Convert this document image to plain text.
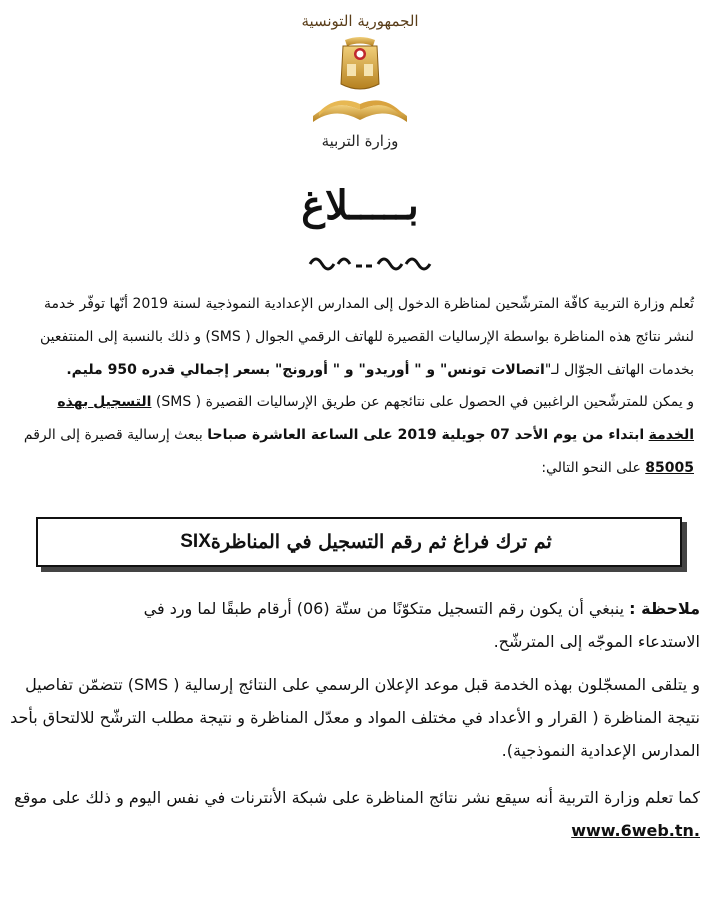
الجمهورية التونسية
وزارة التربية
بـــــلاغ
تُعلم وزارة التربية كافّة المترشّحين لمناظرة الدخول إلى المدارس الإعدادية النموذجية لسنة 2019 أنّها توفّر خدمة
لنشر نتائج هذه المناظرة بواسطة الإرساليات القصيرة للهاتف الرقمي الجوال ( SMS) و ذلك بالنسبة إلى المنتفعين
بخدمات الهاتف الجوّال لـ"اتصالات تونس" و " أوريدو" و " أورونج" بسعر إجمالي قدره 950 مليم.
و يمكن للمترشّحين الراغبين في الحصول على نتائجهم عن طريق الإرساليات القصيرة ( SMS) التسجيل بهذه
الخدمة ابتداء من يوم الأحد 07 جويلية 2019 على الساعة العاشرة صباحا ببعث إرسالية قصيرة إلى الرقم
85005 على النحو التالي:
ثم ترك فراغ ثم رقم التسجيل في المناظرة
SIX
ملاحظة : ينبغي أن يكون رقم التسجيل متكوّنًا من ستّة (06) أرقام طبقًا لما ورد في
الاستدعاء الموجّه إلى المترشّح.
و يتلقى المسجّلون بهذه الخدمة قبل موعد الإعلان الرسمي على النتائج إرسالية ( SMS) تتضمّن تفاصيل
نتيجة المناظرة ( القرار و الأعداد في مختلف المواد و معدّل المناظرة و نتيجة مطلب الترشّح للالتحاق بأحد
المدارس الإعدادية النموذجية).
كما تعلم وزارة التربية أنه سيقع نشر نتائج المناظرة على شبكة الأنترنات في نفس اليوم و ذلك على موقع
www.6web.tn.
